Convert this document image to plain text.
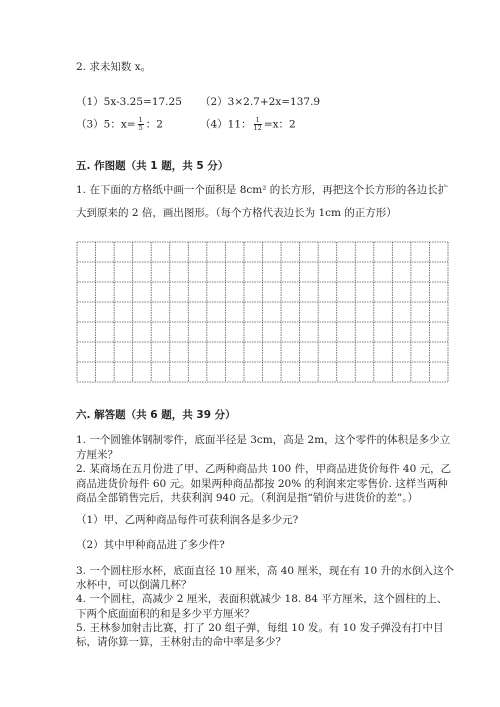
2. 求未知数 x。
（1）5x-3.25=17.25 （2）3×2.7+2x=137.9
（3）5：$x= \frac{1}{5}$ ：2	（4）11： $\frac{1}{12} =x$：2
五. 作图题（共 1 题，共 5 分）
1. 在下面的方格纸中画一个面积是 8cm² 的长方形，再把这个长方形的各边长扩
大到原来的 2 倍，画出图形。（每个方格代表边长为 1cm 的正方形）
六. 解答题（共 6 题，共 39 分）
1. 一个圆锥体钢制零件，底面半径是 3cm，高是 2m，这个零件的体积是多少立
方厘米？
2. 某商场在五月份进了甲、乙两种商品共 100 件，甲商品进货价每件 40 元，乙
商品进货价每件 60 元。如果两种商品都按 20% 的利润来定零售价. 这样当两种
商品全部销售完后，共获利润 940 元。（利润是指“销价与进货价的差”。）
（1）甲、乙两种商品每件可获利润各是多少元?
（2）其中甲种商品进了多少件?
3. 一个圆柱形水杯，底面直径 10 厘米，高 40 厘米，现在有 10 升的水倒入这个
水杯中，可以倒满几杯？
4. 一个圆柱，高减少 2 厘米，表面积就减少 18. 84 平方厘米，这个圆柱的上、
下两个底面面积的和是多少平方厘米？
5. 王林参加射击比赛，打了 20 组子弹，每组 10 发。有 10 发子弹没有打中目
标，请你算一算，王林射击的命中率是多少？
